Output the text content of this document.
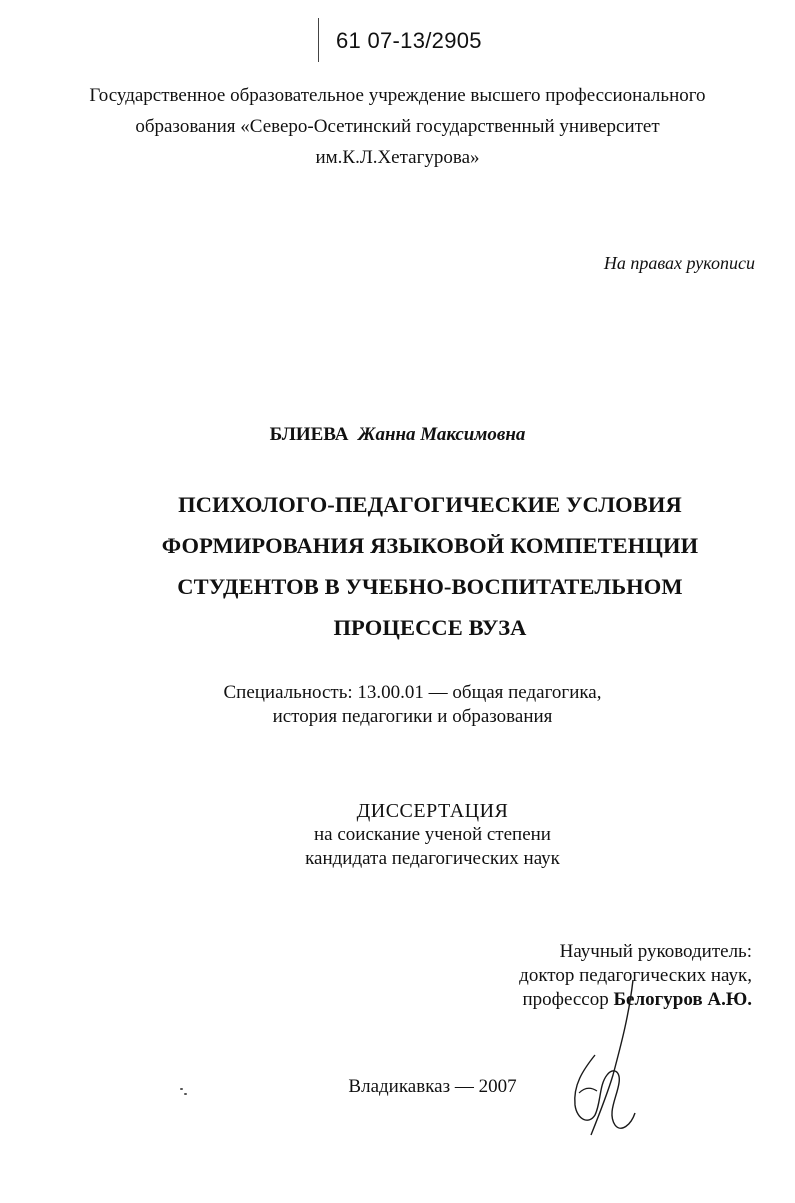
61 07-13/2905
Государственное образовательное учреждение высшего профессионального
образования «Северо-Осетинский государственный университет
им.К.Л.Хетагурова»
На правах рукописи
БЛИЕВА Жанна Максимовна
ПСИХОЛОГО-ПЕДАГОГИЧЕСКИЕ УСЛОВИЯ
ФОРМИРОВАНИЯ ЯЗЫКОВОЙ КОМПЕТЕНЦИИ
СТУДЕНТОВ В УЧЕБНО-ВОСПИТАТЕЛЬНОМ
ПРОЦЕССЕ ВУЗА
Специальность: 13.00.01 — общая педагогика,
история педагогики и образования
ДИССЕРТАЦИЯ
на соискание ученой степени
кандидата педагогических наук
Научный руководитель:
доктор педагогических наук,
профессор Белогуров А.Ю.
Владикавказ — 2007
